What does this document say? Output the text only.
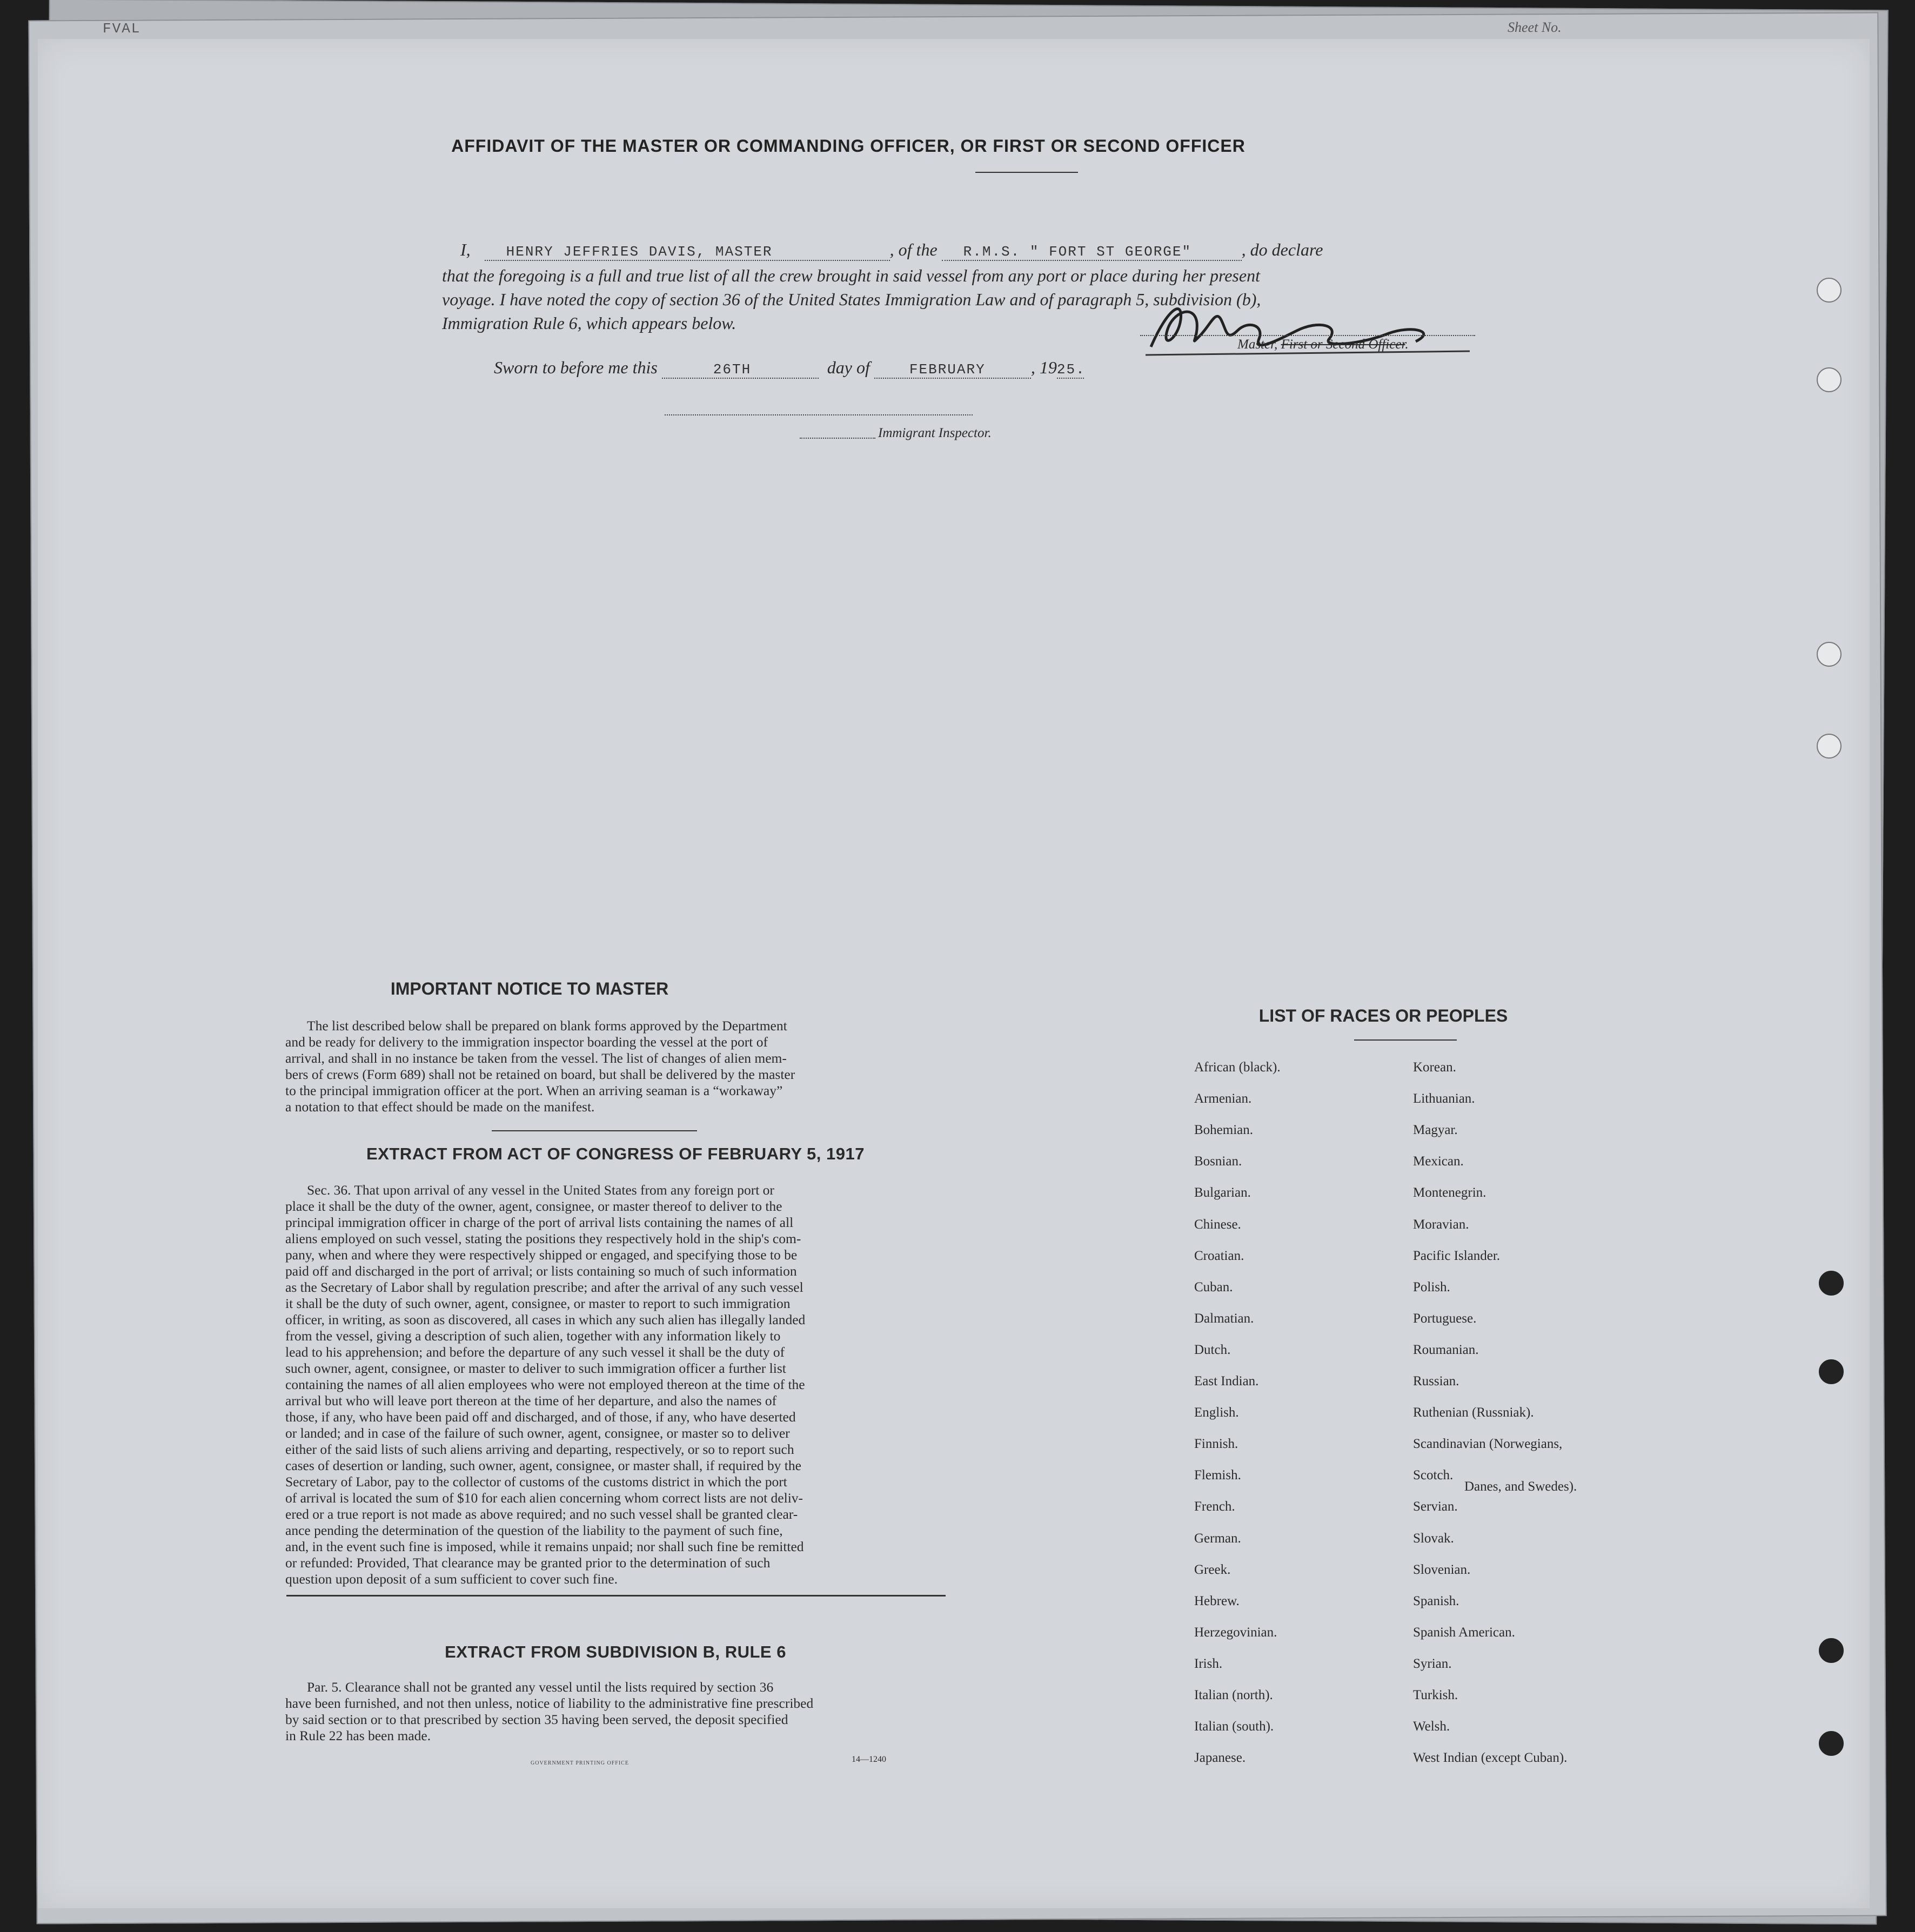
FVAL	Sheet No.
AFFIDAVIT OF THE MASTER OR COMMANDING OFFICER, OR FIRST OR SECOND OFFICER
I,	HENRY JEFFRIES DAVIS, MASTER	, of the R.M.S. " FORT ST GEORGE"	, do declare
that the foregoing is a full and true list of all the crew brought in said vessel from any port or place during her present
voyage. I have noted the copy of section 36 of the United States Immigration Law and of paragraph 5, subdivision (b),
Immigration Rule 6, which appears below.
Master, First or Second Officer.
Sworn to before me this	26TH	day of	FEBRUARY	, 1925.
Immigrant Inspector.
IMPORTANT NOTICE TO MASTER
The list described below shall be prepared on blank forms approved by the Department
and be ready for delivery to the immigration inspector boarding the vessel at the port of
arrival, and shall in no instance be taken from the vessel. The list of changes of alien mem-
bers of crews (Form 689) shall not be retained on board, but shall be delivered by the master
to the principal immigration officer at the port. When an arriving seaman is a “workaway”
a notation to that effect should be made on the manifest.
EXTRACT FROM ACT OF CONGRESS OF FEBRUARY 5, 1917
Sec. 36. That upon arrival of any vessel in the United States from any foreign port or
place it shall be the duty of the owner, agent, consignee, or master thereof to deliver to the
principal immigration officer in charge of the port of arrival lists containing the names of all
aliens employed on such vessel, stating the positions they respectively hold in the ship's com-
pany, when and where they were respectively shipped or engaged, and specifying those to be
paid off and discharged in the port of arrival; or lists containing so much of such information
as the Secretary of Labor shall by regulation prescribe; and after the arrival of any such vessel
it shall be the duty of such owner, agent, consignee, or master to report to such immigration
officer, in writing, as soon as discovered, all cases in which any such alien has illegally landed
from the vessel, giving a description of such alien, together with any information likely to
lead to his apprehension; and before the departure of any such vessel it shall be the duty of
such owner, agent, consignee, or master to deliver to such immigration officer a further list
containing the names of all alien employees who were not employed thereon at the time of the
arrival but who will leave port thereon at the time of her departure, and also the names of
those, if any, who have been paid off and discharged, and of those, if any, who have deserted
or landed; and in case of the failure of such owner, agent, consignee, or master so to deliver
either of the said lists of such aliens arriving and departing, respectively, or so to report such
cases of desertion or landing, such owner, agent, consignee, or master shall, if required by the
Secretary of Labor, pay to the collector of customs of the customs district in which the port
of arrival is located the sum of $10 for each alien concerning whom correct lists are not deliv-
ered or a true report is not made as above required; and no such vessel shall be granted clear-
ance pending the determination of the question of the liability to the payment of such fine,
and, in the event such fine is imposed, while it remains unpaid; nor shall such fine be remitted
or refunded: Provided, That clearance may be granted prior to the determination of such
question upon deposit of a sum sufficient to cover such fine.
EXTRACT FROM SUBDIVISION B, RULE 6
Par. 5. Clearance shall not be granted any vessel until the lists required by section 36
have been furnished, and not then unless, notice of liability to the administrative fine prescribed
by said section or to that prescribed by section 35 having been served, the deposit specified
in Rule 22 has been made.
GOVERNMENT PRINTING OFFICE	14—1240
LIST OF RACES OR PEOPLES
Danes, and Swedes).
African (black).
Armenian.
Bohemian.
Bosnian.
Bulgarian.
Chinese.
Croatian.
Cuban.
Dalmatian.
Dutch.
East Indian.
English.
Finnish.
Flemish.
French.
German.
Greek.
Hebrew.
Herzegovinian.
Irish.
Italian (north).
Italian (south).
Japanese.
Korean.
Lithuanian.
Magyar.
Mexican.
Montenegrin.
Moravian.
Pacific Islander.
Polish.
Portuguese.
Roumanian.
Russian.
Ruthenian (Russniak).
Scandinavian (Norwegians,
Scotch.
Servian.
Slovak.
Slovenian.
Spanish.
Spanish American.
Syrian.
Turkish.
Welsh.
West Indian (except Cuban).
